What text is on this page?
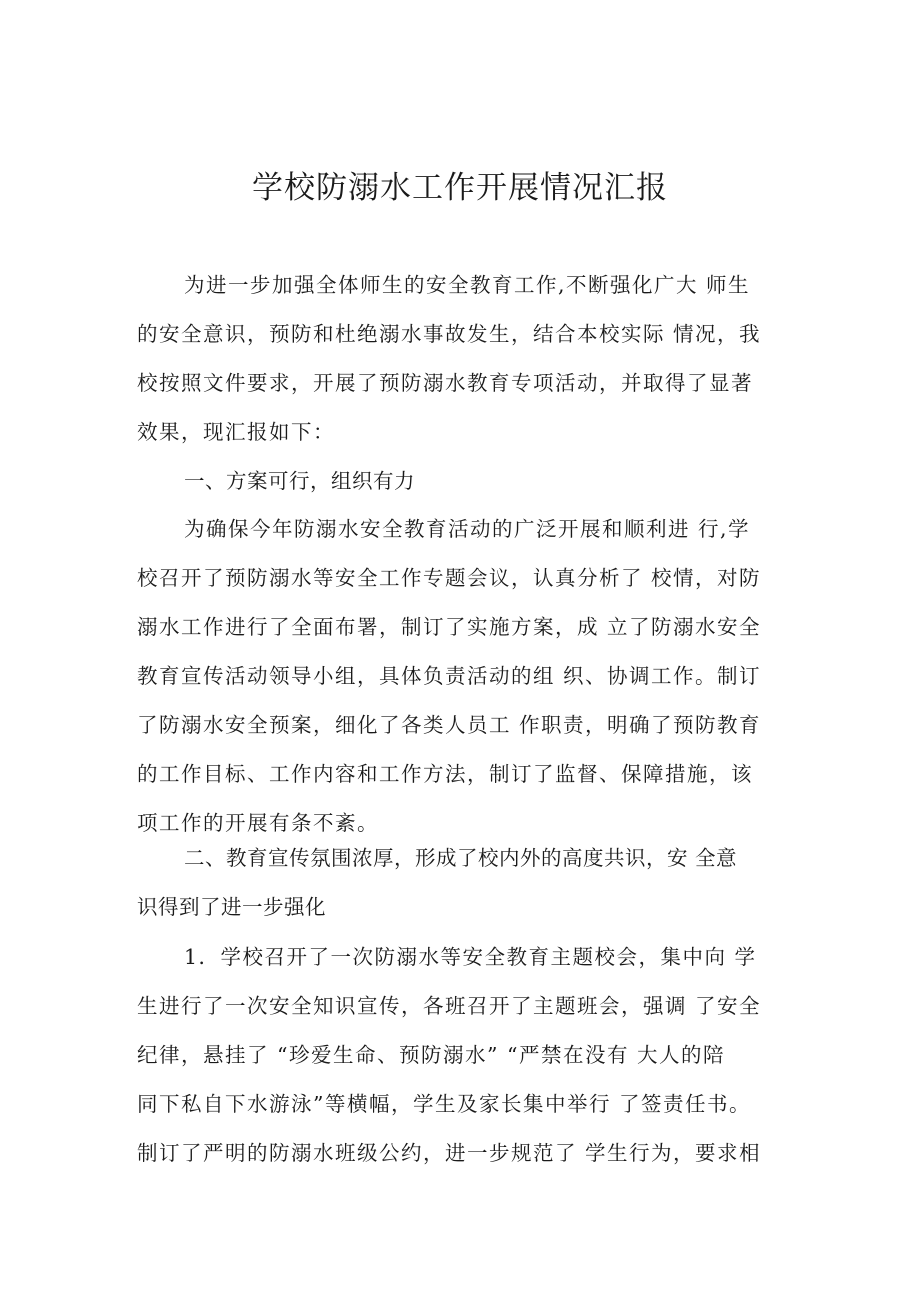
学校防溺水工作开展情况汇报
为进一步加强全体师生的安全教育工作,不断强化广大 师生
的安全意识，预防和杜绝溺水事故发生，结合本校实际 情况，我
校按照文件要求，开展了预防溺水教育专项活动，并取得了显著
效果，现汇报如下：
一、方案可行，组织有力
为确保今年防溺水安全教育活动的广泛开展和顺利进 行,学
校召开了预防溺水等安全工作专题会议，认真分析了 校情，对防
溺水工作进行了全面布署，制订了实施方案，成 立了防溺水安全
教育宣传活动领导小组，具体负责活动的组 织、协调工作。制订
了防溺水安全预案，细化了各类人员工 作职责，明确了预防教育
的工作目标、工作内容和工作方法，制订了监督、保障措施，该
项工作的开展有条不紊。
二、教育宣传氛围浓厚，形成了校内外的高度共识，安 全意
识得到了进一步强化
1．学校召开了一次防溺水等安全教育主题校会，集中向 学
生进行了一次安全知识宣传，各班召开了主题班会，强调 了安全
纪律，悬挂了 “珍爱生命、预防溺水” “严禁在没有 大人的陪
同下私自下水游泳”等横幅，学生及家长集中举行 了签责任书。
制订了严明的防溺水班级公约，进一步规范了 学生行为，要求相
